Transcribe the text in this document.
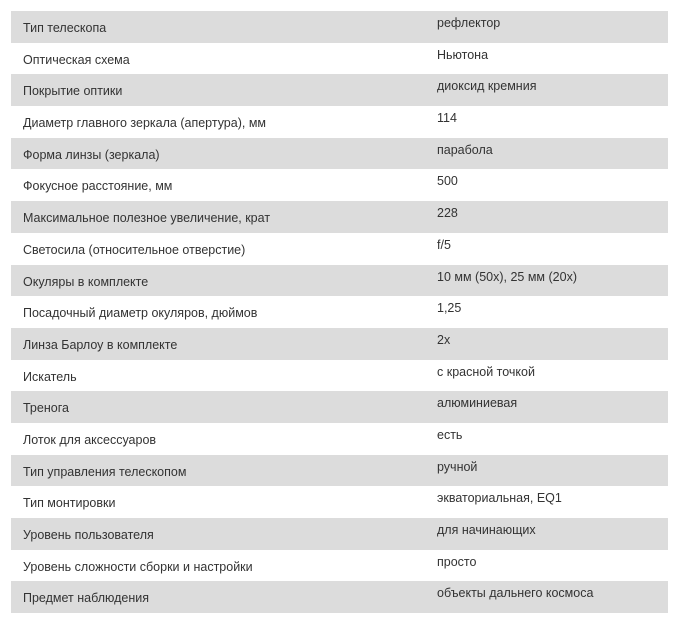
Тип телескопа	рефлектор
Оптическая схема	Ньютона
Покрытие оптики	диоксид кремния
Диаметр главного зеркала (апертура), мм	114
Форма линзы (зеркала)	парабола
Фокусное расстояние, мм	500
Максимальное полезное увеличение, крат	228
Светосила (относительное отверстие)	f/5
Окуляры в комплекте	10 мм (50x), 25 мм (20x)
Посадочный диаметр окуляров, дюймов	1,25
Линза Барлоу в комплекте	2x
Искатель	с красной точкой
Тренога	алюминиевая
Лоток для аксессуаров	есть
Тип управления телескопом	ручной
Тип монтировки	экваториальная, EQ1
Уровень пользователя	для начинающих
Уровень сложности сборки и настройки	просто
Предмет наблюдения	объекты дальнего космоса
